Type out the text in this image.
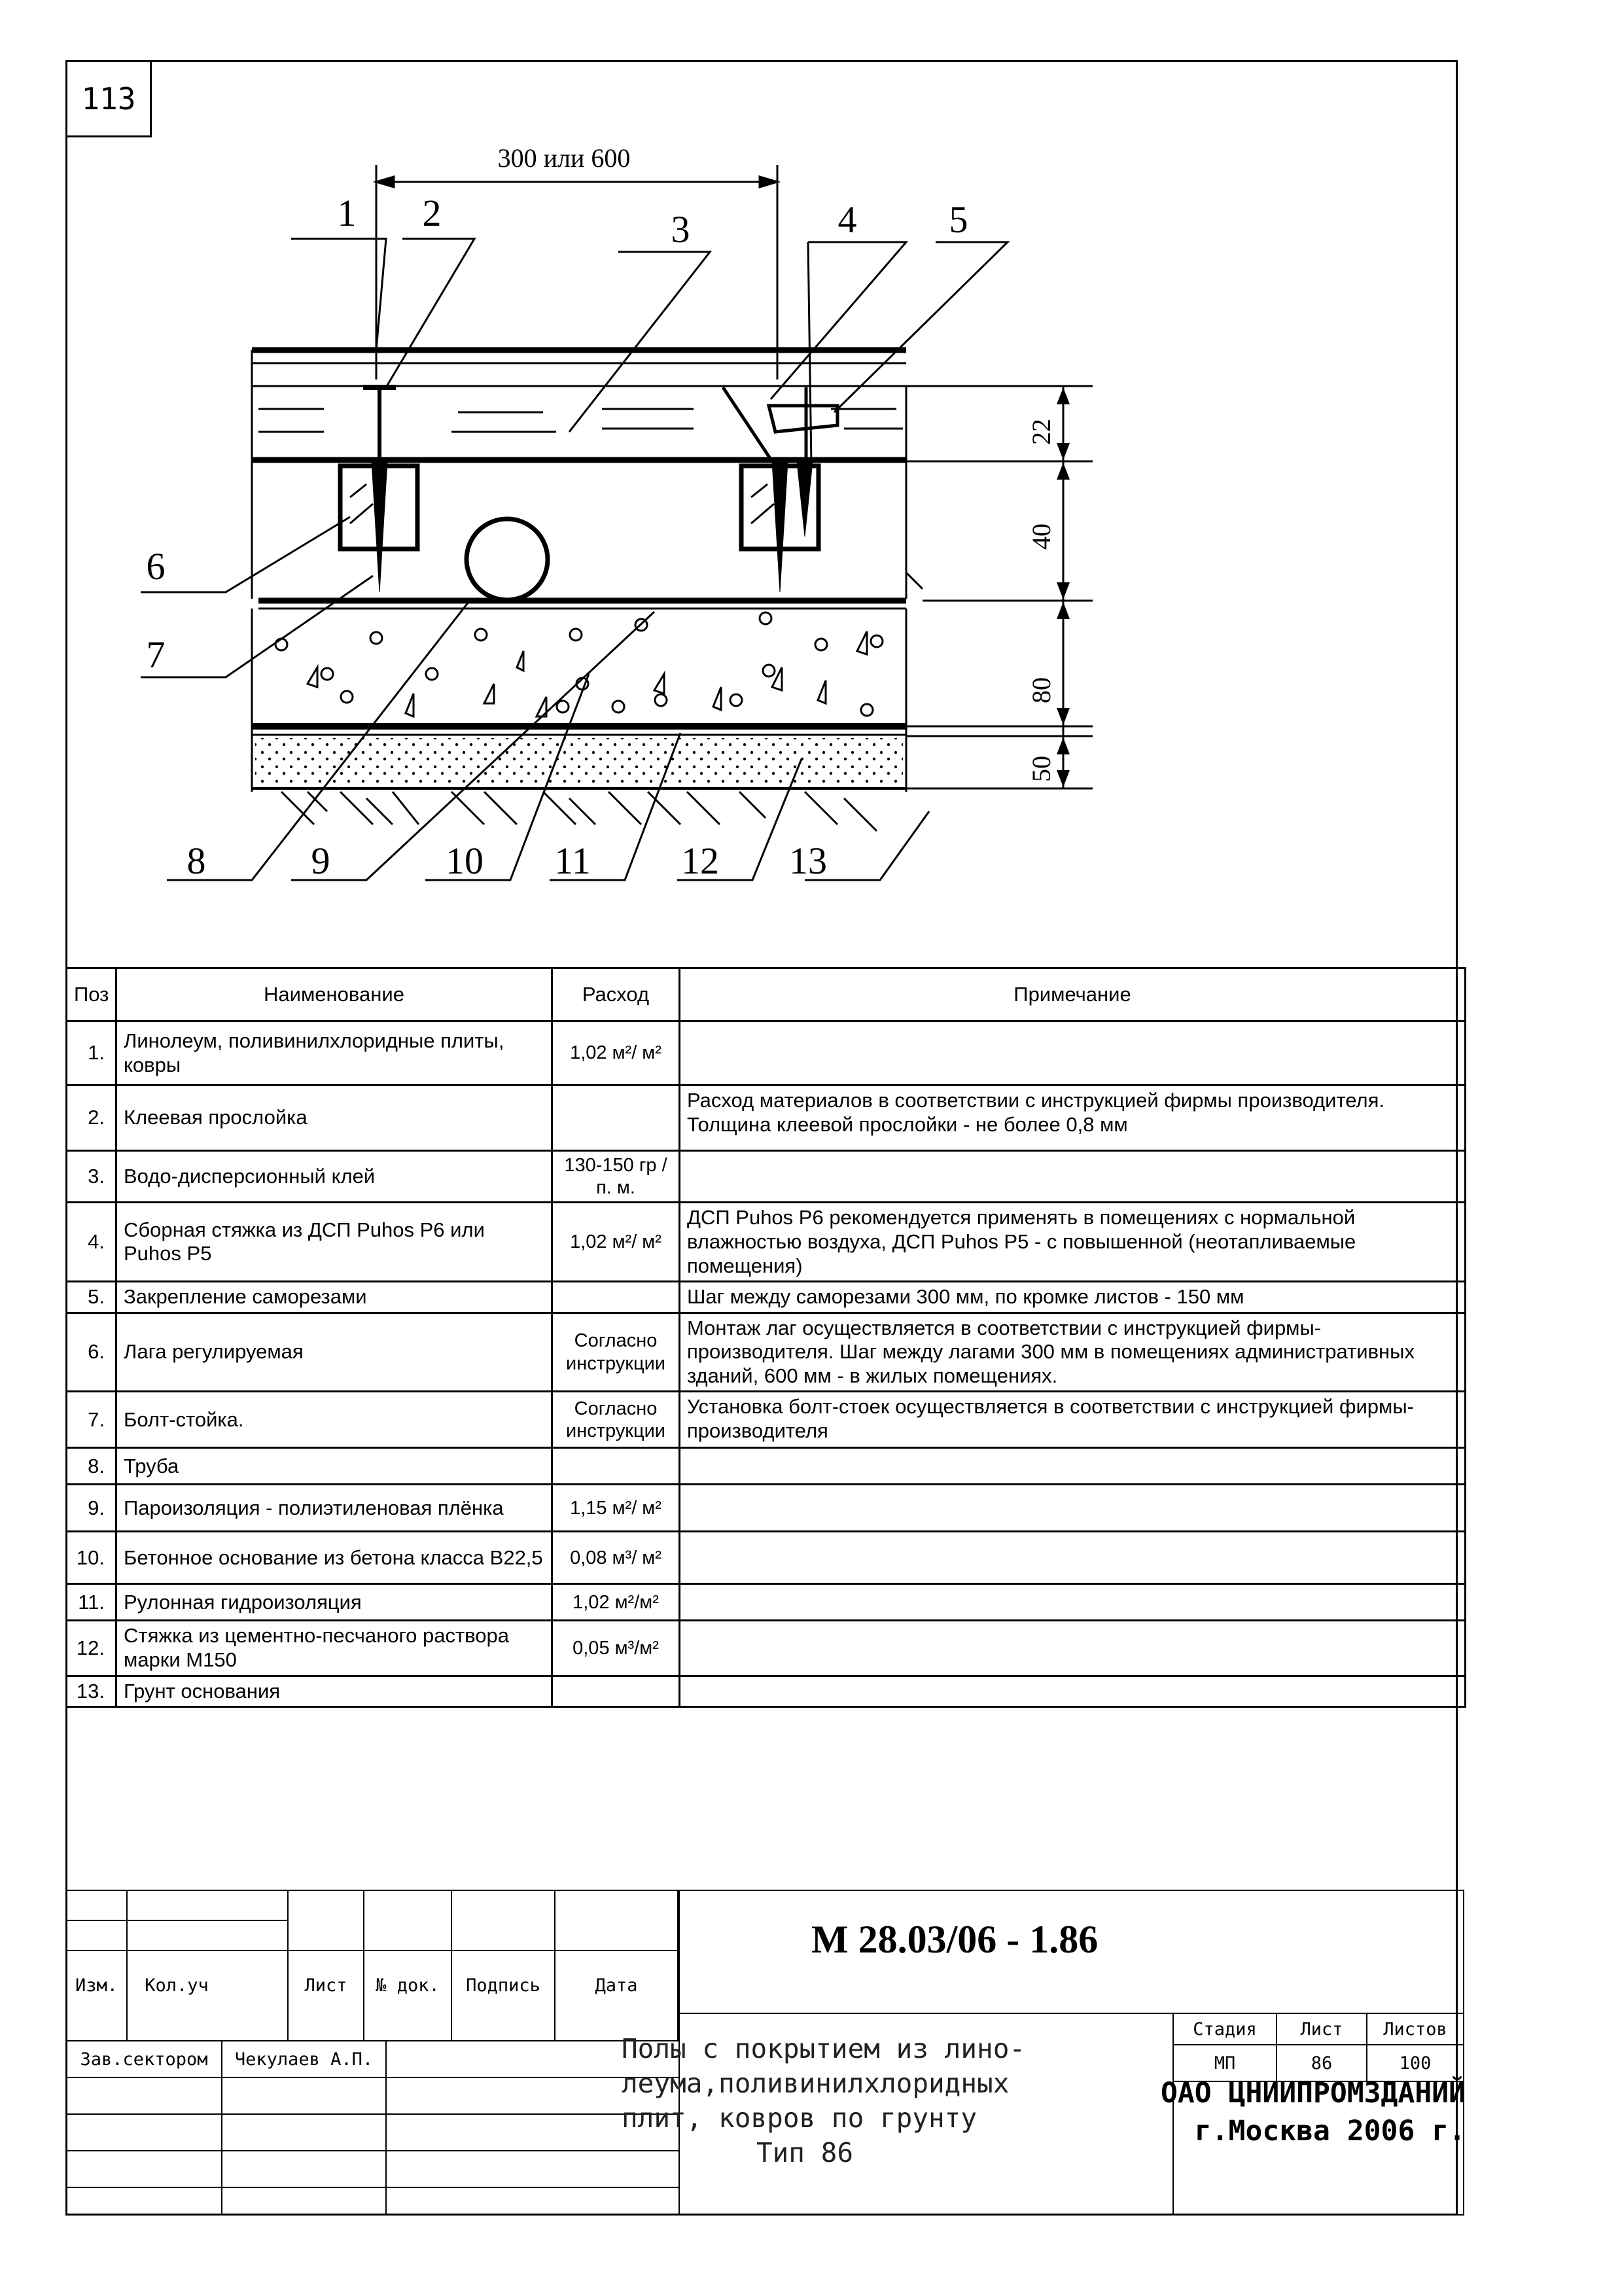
113
300 или 600
1 2	3	4 5
6
7
8	9	10 11 12 13
22
40
80
50
Поз	Наименование	Расход	Примечание
1.	Линолеум, поливинилхлоридные плиты, ковры	1,02 м²/ м²	
2.	Клеевая прослойка		Расход материалов в соответствии с инструкцией фирмы производителя. Толщина клеевой прослойки - не более 0,8 мм
3.	Водо-дисперсионный клей	130-150 гр /п. м.	
4.	Сборная стяжка из ДСП Puhos P6 или Puhos P5	1,02 м²/ м²	ДСП Puhos P6 рекомендуется применять в помещениях с нормальной влажностью воздуха, ДСП Puhos P5 - с повышенной (неотапливаемые помещения)
5.	Закрепление саморезами		Шаг между саморезами 300 мм, по кромке листов - 150 мм
6.	Лага регулируемая	Согласно инструкции	Монтаж лаг осуществляется в соответствии с инструкцией фирмы-производителя. Шаг между лагами 300 мм в помещениях административных зданий, 600 мм - в жилых помещениях.
7.	Болт-стойка.	Согласно инструкции	Установка болт-стоек осуществляется в соответствии с инструкцией фирмы-производителя
8.	Труба		
9.	Пароизоляция - полиэтиленовая плёнка	1,15 м²/ м²	
10.	Бетонное основание из бетона класса В22,5	0,08 м³/ м²	
11.	Рулонная гидроизоляция	1,02 м²/м²	
12.	Стяжка из цементно-песчаного раствора марки М150	0,05 м³/м²	
13.	Грунт основания		
Изм.	Кол.уч	Лист	№ док.	Подпись	Дата
Зав.сектором	Чекулаев А.П.
Стадия	Лист	Листов
МП	86	100
М 28.03/06 - 1.86
Полы с покрытием из лино-
леума,поливинилхлоридных
плит, ковров по грунту
Тип 86
ОАО ЦНИИПРОМЗДАНИЙ
г.Москва 2006 г.
